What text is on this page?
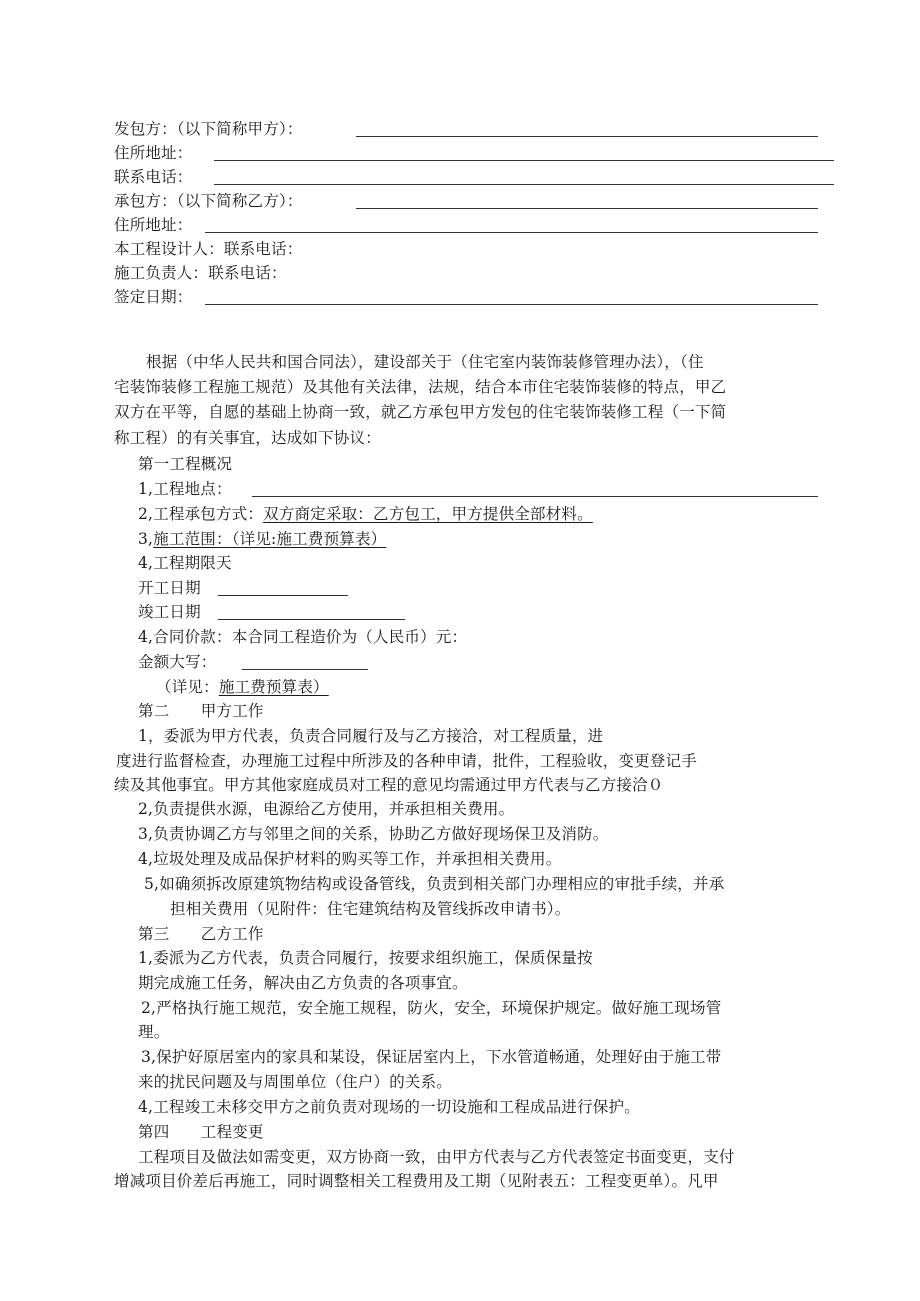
发包方：（以下简称甲方）：
住所地址：
联系电话：
承包方：（以下简称乙方）：
住所地址：
本工程设计人：联系电话：
施工负责人：联系电话：
签定日期：
根据（中华人民共和国合同法），建设部关于（住宅室内装饰装修管理办法），（住
宅装饰装修工程施工规范）及其他有关法律，法规，结合本市住宅装饰装修的特点，甲乙
双方在平等，自愿的基础上协商一致，就乙方承包甲方发包的住宅装饰装修工程（一下简
称工程）的有关事宜，达成如下协议：
第一工程概况
1,工程地点：
2,工程承包方式：双方商定采取：乙方包工，甲方提供全部材料。
3,施工范围：（详见:施工费预算表）
4,工程期限天
开工日期
竣工日期
4,合同价款：本合同工程造价为（人民币）元：
金额大写：
（详见：施工费预算表）
第二　　甲方工作
1，委派为甲方代表，负责合同履行及与乙方接洽，对工程质量，进
度进行监督检查，办理施工过程中所涉及的各种申请，批件，工程验收，变更登记手
续及其他事宜。甲方其他家庭成员对工程的意见均需通过甲方代表与乙方接洽０
2,负责提供水源，电源给乙方使用，并承担相关费用。
3,负责协调乙方与邻里之间的关系，协助乙方做好现场保卫及消防。
4,垃圾处理及成品保护材料的购买等工作，并承担相关费用。
5,如确须拆改原建筑物结构或设备管线，负责到相关部门办理相应的审批手续，并承
担相关费用（见附件：住宅建筑结构及管线拆改申请书）。
第三　　乙方工作
1,委派为乙方代表，负责合同履行，按要求组织施工，保质保量按
期完成施工任务，解决由乙方负责的各项事宜。
2,严格执行施工规范，安全施工规程，防火，安全，环境保护规定。做好施工现场管
理。
3,保护好原居室内的家具和某设，保证居室内上，下水管道畅通，处理好由于施工带
来的扰民问题及与周围单位（住户）的关系。
4,工程竣工未移交甲方之前负责对现场的一切设施和工程成品进行保护。
第四　　工程变更
工程项目及做法如需变更，双方协商一致，由甲方代表与乙方代表签定书面变更，支付
增减项目价差后再施工，同时调整相关工程费用及工期（见附表五：工程变更单）。凡甲
